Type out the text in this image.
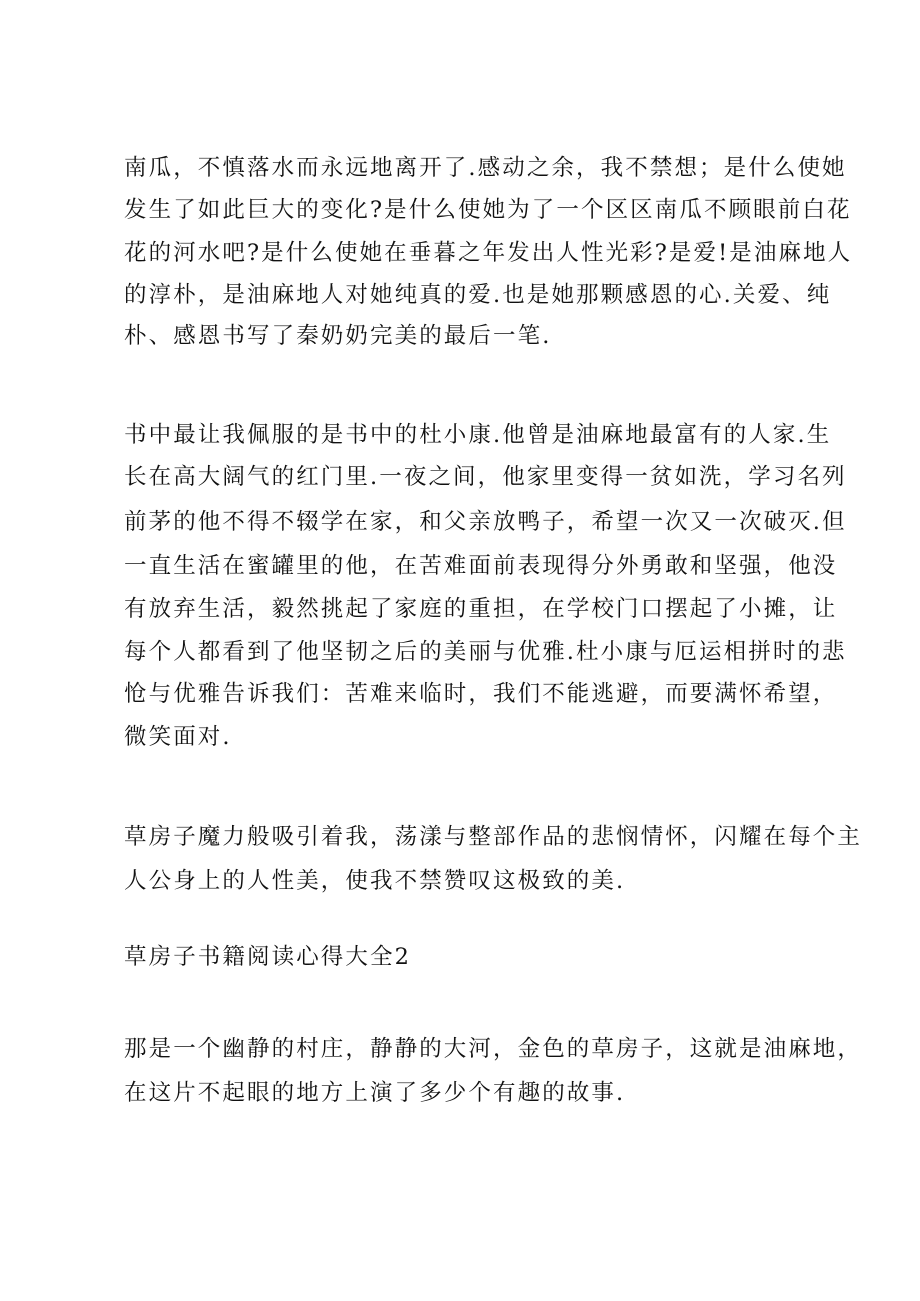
南瓜，不慎落水而永远地离开了.感动之余，我不禁想；是什么使她
发生了如此巨大的变化?是什么使她为了一个区区南瓜不顾眼前白花
花的河水吧?是什么使她在垂暮之年发出人性光彩?是爱!是油麻地人
的淳朴，是油麻地人对她纯真的爱.也是她那颗感恩的心.关爱、纯
朴、感恩书写了秦奶奶完美的最后一笔.
书中最让我佩服的是书中的杜小康.他曾是油麻地最富有的人家.生
长在高大阔气的红门里.一夜之间，他家里变得一贫如洗，学习名列
前茅的他不得不辍学在家，和父亲放鸭子，希望一次又一次破灭.但
一直生活在蜜罐里的他，在苦难面前表现得分外勇敢和坚强，他没
有放弃生活，毅然挑起了家庭的重担，在学校门口摆起了小摊，让
每个人都看到了他坚韧之后的美丽与优雅.杜小康与厄运相拼时的悲
怆与优雅告诉我们：苦难来临时，我们不能逃避，而要满怀希望，
微笑面对.
草房子魔力般吸引着我，荡漾与整部作品的悲悯情怀，闪耀在每个主
人公身上的人性美，使我不禁赞叹这极致的美.
草房子书籍阅读心得大全2
那是一个幽静的村庄，静静的大河，金色的草房子，这就是油麻地，
在这片不起眼的地方上演了多少个有趣的故事.
